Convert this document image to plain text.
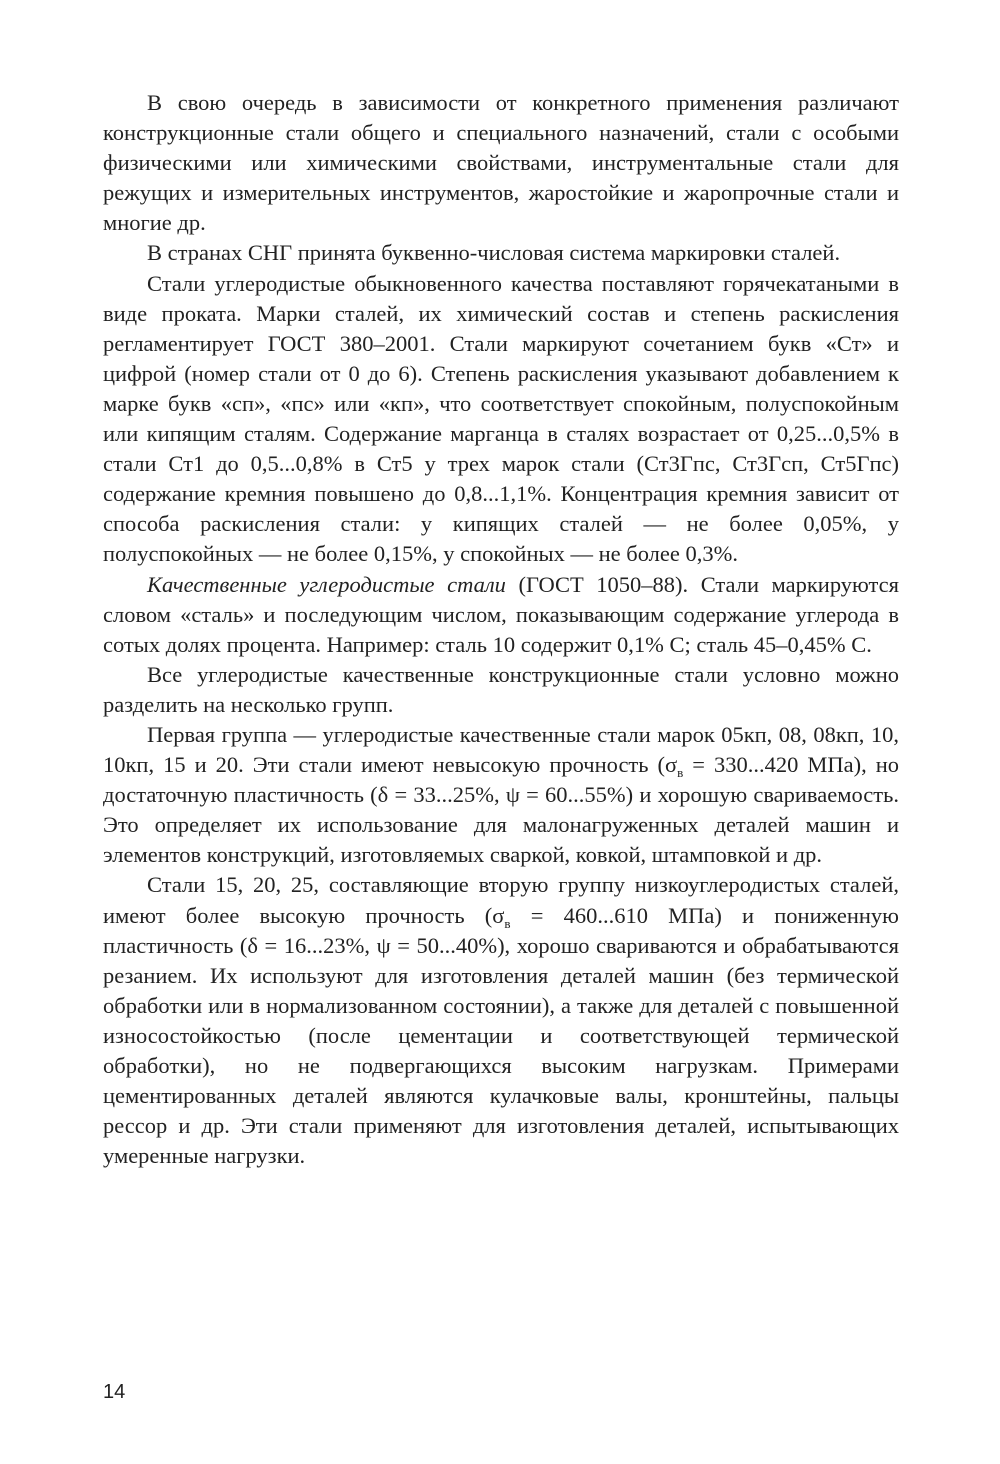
В свою очередь в зависимости от конкретного применения различают конструкционные стали общего и специального назначений, стали с особыми физическими или химическими свойствами, инструментальные стали для режущих и измерительных инструментов, жаростойкие и жаропрочные стали и многие др.

В странах СНГ принята буквенно-числовая система маркировки сталей.

Стали углеродистые обыкновенного качества поставляют горячекатаными в виде проката. Марки сталей, их химический состав и степень раскисления регламентирует ГОСТ 380–2001. Стали маркируют сочетанием букв «Ст» и цифрой (номер стали от 0 до 6). Степень раскисления указывают добавлением к марке букв «сп», «пс» или «кп», что соответствует спокойным, полуспокойным или кипящим сталям. Содержание марганца в сталях возрастает от 0,25...0,5% в стали Ст1 до 0,5...0,8% в Ст5 у трех марок стали (Ст3Гпс, Ст3Гсп, Ст5Гпс) содержание кремния повышено до 0,8...1,1%. Концентрация кремния зависит от способа раскисления стали: у кипящих сталей — не более 0,05%, у полуспокойных — не более 0,15%, у спокойных — не более 0,3%.

Качественные углеродистые стали (ГОСТ 1050–88). Стали маркируются словом «сталь» и последующим числом, показывающим содержание углерода в сотых долях процента. Например: сталь 10 содержит 0,1% С; сталь 45–0,45% С.

Все углеродистые качественные конструкционные стали условно можно разделить на несколько групп.

Первая группа — углеродистые качественные стали марок 05кп, 08, 08кп, 10, 10кп, 15 и 20. Эти стали имеют невысокую прочность ($\sigma_в = 330...420$ МПа), но достаточную пластичность (δ = 33...25%, ψ = 60...55%) и хорошую свариваемость. Это определяет их использование для малонагруженных деталей машин и элементов конструкций, изготовляемых сваркой, ковкой, штамповкой и др.

Стали 15, 20, 25, составляющие вторую группу низкоуглеродистых сталей, имеют более высокую прочность ($\sigma_в = 460...610$ МПа) и пониженную пластичность (δ = 16...23%, ψ = 50...40%), хорошо свариваются и обрабатываются резанием. Их используют для изготовления деталей машин (без термической обработки или в нормализованном состоянии), а также для деталей с повышенной износостойкостью (после цементации и соответствующей термической обработки), но не подвергающихся высоким нагрузкам. Примерами цементированных деталей являются кулачковые валы, кронштейны, пальцы рессор и др. Эти стали применяют для изготовления деталей, испытывающих умеренные нагрузки.

14
